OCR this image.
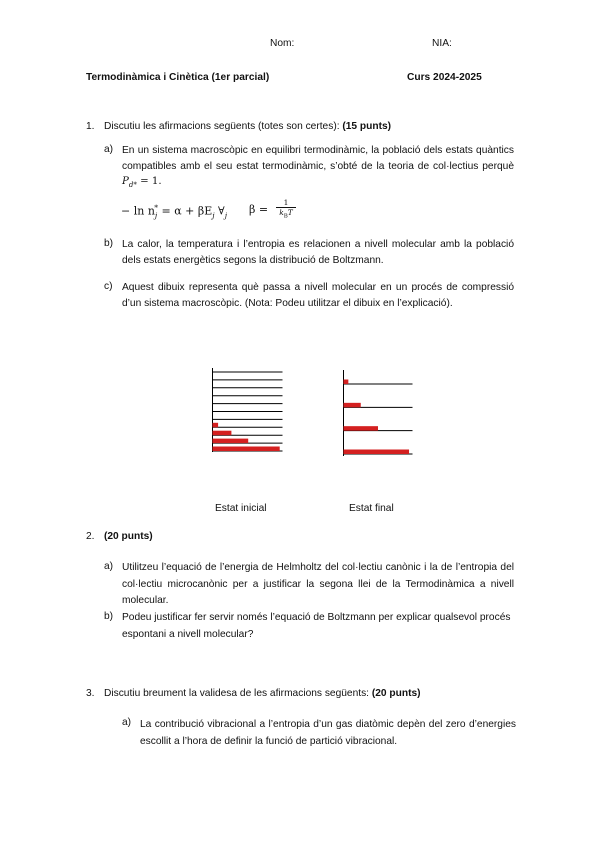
Nom:	NIA:
Termodinàmica i Cinètica (1er parcial)	Curs 2024-2025
1. Discutiu les afirmacions següents (totes son certes): (15 punts)
a) En un sistema macroscòpic en equilibri termodinàmic, la població dels estats quàntics compatibles amb el seu estat termodinàmic, s’obté de la teoria de col·lectius perquè $P_{d*} = 1$.
− $\ln n_j^* = \alpha + \beta E_j$ $\forall_j$ β =
1
$k_BT$
b) La calor, la temperatura i l’entropia es relacionen a nivell molecular amb la població dels estats energètics segons la distribució de Boltzmann.
c) Aquest dibuix representa què passa a nivell molecular en un procés de compressió d’un sistema macroscòpic. (Nota: Podeu utilitzar el dibuix en l’explicació).
Estat inicial	Estat final
2. (20 punts)
a) Utilitzeu l’equació de l’energia de Helmholtz del col·lectiu canònic i la de l’entropia del col·lectiu microcanònic per a justificar la segona llei de la Termodinàmica a nivell molecular.
b) Podeu justificar fer servir només l’equació de Boltzmann per explicar qualsevol procés espontani a nivell molecular?
3. Discutiu breument la validesa de les afirmacions següents: (20 punts)
a) La contribució vibracional a l’entropia d’un gas diatòmic depèn del zero d’energies escollit a l’hora de definir la funció de partició vibracional.
